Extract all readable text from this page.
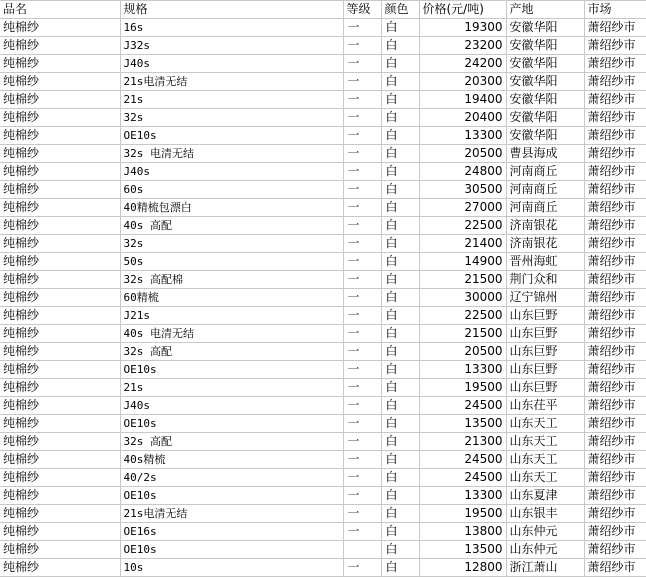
品名	规格	等级	颜色	价格(元/吨)	产地	市场
纯棉纱	16s	一	白	19300	安徽华阳	萧绍纱市
纯棉纱	J32s	一	白	23200	安徽华阳	萧绍纱市
纯棉纱	J40s	一	白	24200	安徽华阳	萧绍纱市
纯棉纱	21s电清无结	一	白	20300	安徽华阳	萧绍纱市
纯棉纱	21s	一	白	19400	安徽华阳	萧绍纱市
纯棉纱	32s	一	白	20400	安徽华阳	萧绍纱市
纯棉纱	OE10s	一	白	13300	安徽华阳	萧绍纱市
纯棉纱	32s 电清无结	一	白	20500	曹县海成	萧绍纱市
纯棉纱	J40s	一	白	24800	河南商丘	萧绍纱市
纯棉纱	60s	一	白	30500	河南商丘	萧绍纱市
纯棉纱	40精梳包漂白	一	白	27000	河南商丘	萧绍纱市
纯棉纱	40s 高配	一	白	22500	济南银花	萧绍纱市
纯棉纱	32s	一	白	21400	济南银花	萧绍纱市
纯棉纱	50s	一	白	14900	晋州海虹	萧绍纱市
纯棉纱	32s 高配棉	一	白	21500	荆门众和	萧绍纱市
纯棉纱	60精梳	一	白	30000	辽宁锦州	萧绍纱市
纯棉纱	J21s	一	白	22500	山东巨野	萧绍纱市
纯棉纱	40s 电清无结	一	白	21500	山东巨野	萧绍纱市
纯棉纱	32s 高配	一	白	20500	山东巨野	萧绍纱市
纯棉纱	OE10s	一	白	13300	山东巨野	萧绍纱市
纯棉纱	21s	一	白	19500	山东巨野	萧绍纱市
纯棉纱	J40s	一	白	24500	山东茌平	萧绍纱市
纯棉纱	OE10s	一	白	13500	山东天工	萧绍纱市
纯棉纱	32s 高配	一	白	21300	山东天工	萧绍纱市
纯棉纱	40s精梳	一	白	24500	山东天工	萧绍纱市
纯棉纱	40/2s	一	白	24500	山东天工	萧绍纱市
纯棉纱	OE10s	一	白	13300	山东夏津	萧绍纱市
纯棉纱	21s电清无结	一	白	19500	山东银丰	萧绍纱市
纯棉纱	OE16s	一	白	13800	山东仲元	萧绍纱市
纯棉纱	OE10s		白	13500	山东仲元	萧绍纱市
纯棉纱	10s	一	白	12800	浙江萧山	萧绍纱市
